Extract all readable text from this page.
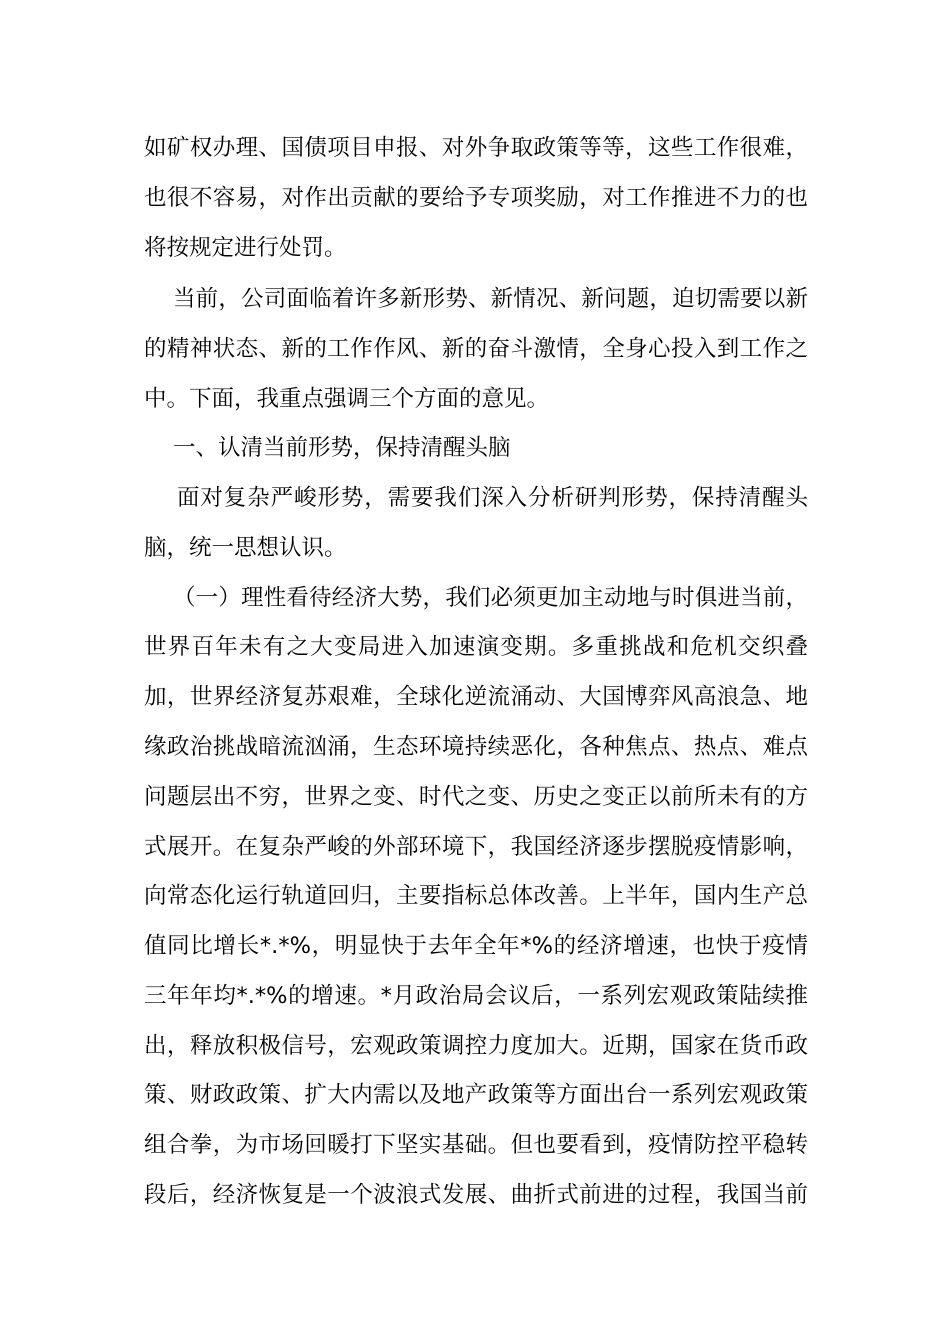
如矿权办理、国债项目申报、对外争取政策等等，这些工作很难，
也很不容易，对作出贡献的要给予专项奖励，对工作推进不力的也
将按规定进行处罚。
当前，公司面临着许多新形势、新情况、新问题，迫切需要以新
的精神状态、新的工作作风、新的奋斗激情，全身心投入到工作之
中。下面，我重点强调三个方面的意见。
一、认清当前形势，保持清醒头脑
面对复杂严峻形势，需要我们深入分析研判形势，保持清醒头
脑，统一思想认识。
（一）理性看待经济大势，我们必须更加主动地与时俱进当前，
世界百年未有之大变局进入加速演变期。多重挑战和危机交织叠
加，世界经济复苏艰难，全球化逆流涌动、大国博弈风高浪急、地
缘政治挑战暗流汹涌，生态环境持续恶化，各种焦点、热点、难点
问题层出不穷，世界之变、时代之变、历史之变正以前所未有的方
式展开。在复杂严峻的外部环境下，我国经济逐步摆脱疫情影响，
向常态化运行轨道回归，主要指标总体改善。上半年，国内生产总
值同比增长*.*%，明显快于去年全年*%的经济增速，也快于疫情
三年年均*.*%的增速。*月政治局会议后，一系列宏观政策陆续推
出，释放积极信号，宏观政策调控力度加大。近期，国家在货币政
策、财政政策、扩大内需以及地产政策等方面出台一系列宏观政策
组合拳，为市场回暖打下坚实基础。但也要看到，疫情防控平稳转
段后，经济恢复是一个波浪式发展、曲折式前进的过程，我国当前
